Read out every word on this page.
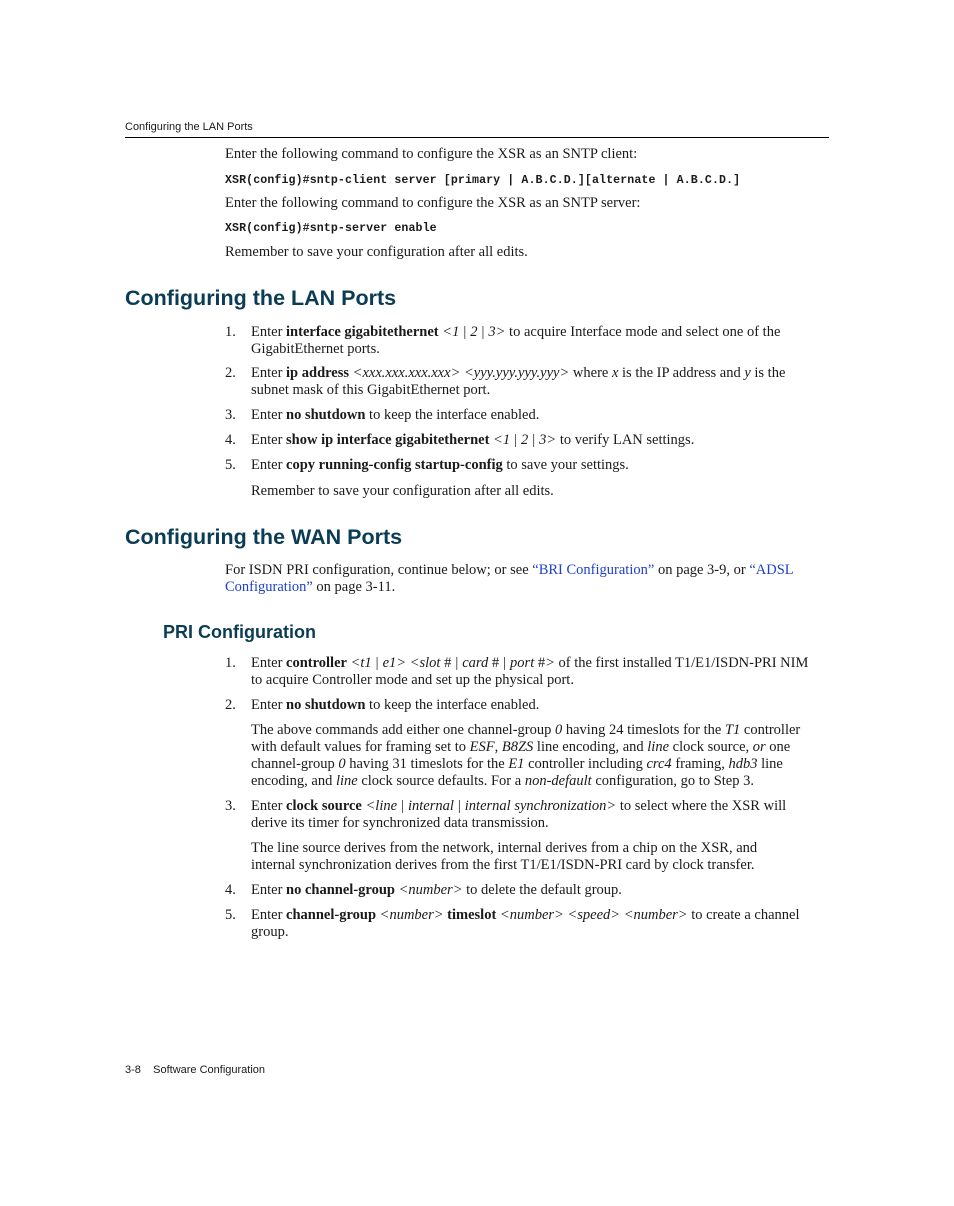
Configuring the LAN Ports
Enter the following command to configure the XSR as an SNTP client:
XSR(config)#sntp-client server [primary | A.B.C.D.][alternate | A.B.C.D.]
Enter the following command to configure the XSR as an SNTP server:
XSR(config)#sntp-server enable
Remember to save your configuration after all edits.
Configuring the LAN Ports
1. Enter interface gigabitethernet <1 | 2 | 3> to acquire Interface mode and select one of the
GigabitEthernet ports.
2. Enter ip address <xxx.xxx.xxx.xxx> <yyy.yyy.yyy.yyy> where x is the IP address and y is the
subnet mask of this GigabitEthernet port.
3. Enter no shutdown to keep the interface enabled.
4. Enter show ip interface gigabitethernet <1 | 2 | 3> to verify LAN settings.
5. Enter copy running-config startup-config to save your settings.
Remember to save your configuration after all edits.
Configuring the WAN Ports
For ISDN PRI configuration, continue below; or see “BRI Configuration” on page 3-9, or “ADSL
Configuration” on page 3-11.
PRI Configuration
1. Enter controller <t1 | e1> <slot # | card # | port #> of the first installed T1/E1/ISDN-PRI NIM
to acquire Controller mode and set up the physical port.
2. Enter no shutdown to keep the interface enabled.
The above commands add either one channel-group 0 having 24 timeslots for the T1 controller
with default values for framing set to ESF, B8ZS line encoding, and line clock source, or one
channel-group 0 having 31 timeslots for the E1 controller including crc4 framing, hdb3 line
encoding, and line clock source defaults. For a non-default configuration, go to Step 3.
3. Enter clock source <line | internal | internal synchronization> to select where the XSR will
derive its timer for synchronized data transmission.
The line source derives from the network, internal derives from a chip on the XSR, and
internal synchronization derives from the first T1/E1/ISDN-PRI card by clock transfer.
4. Enter no channel-group <number> to delete the default group.
5. Enter channel-group <number> timeslot <number> <speed> <number> to create a channel
group.
3-8 Software Configuration
